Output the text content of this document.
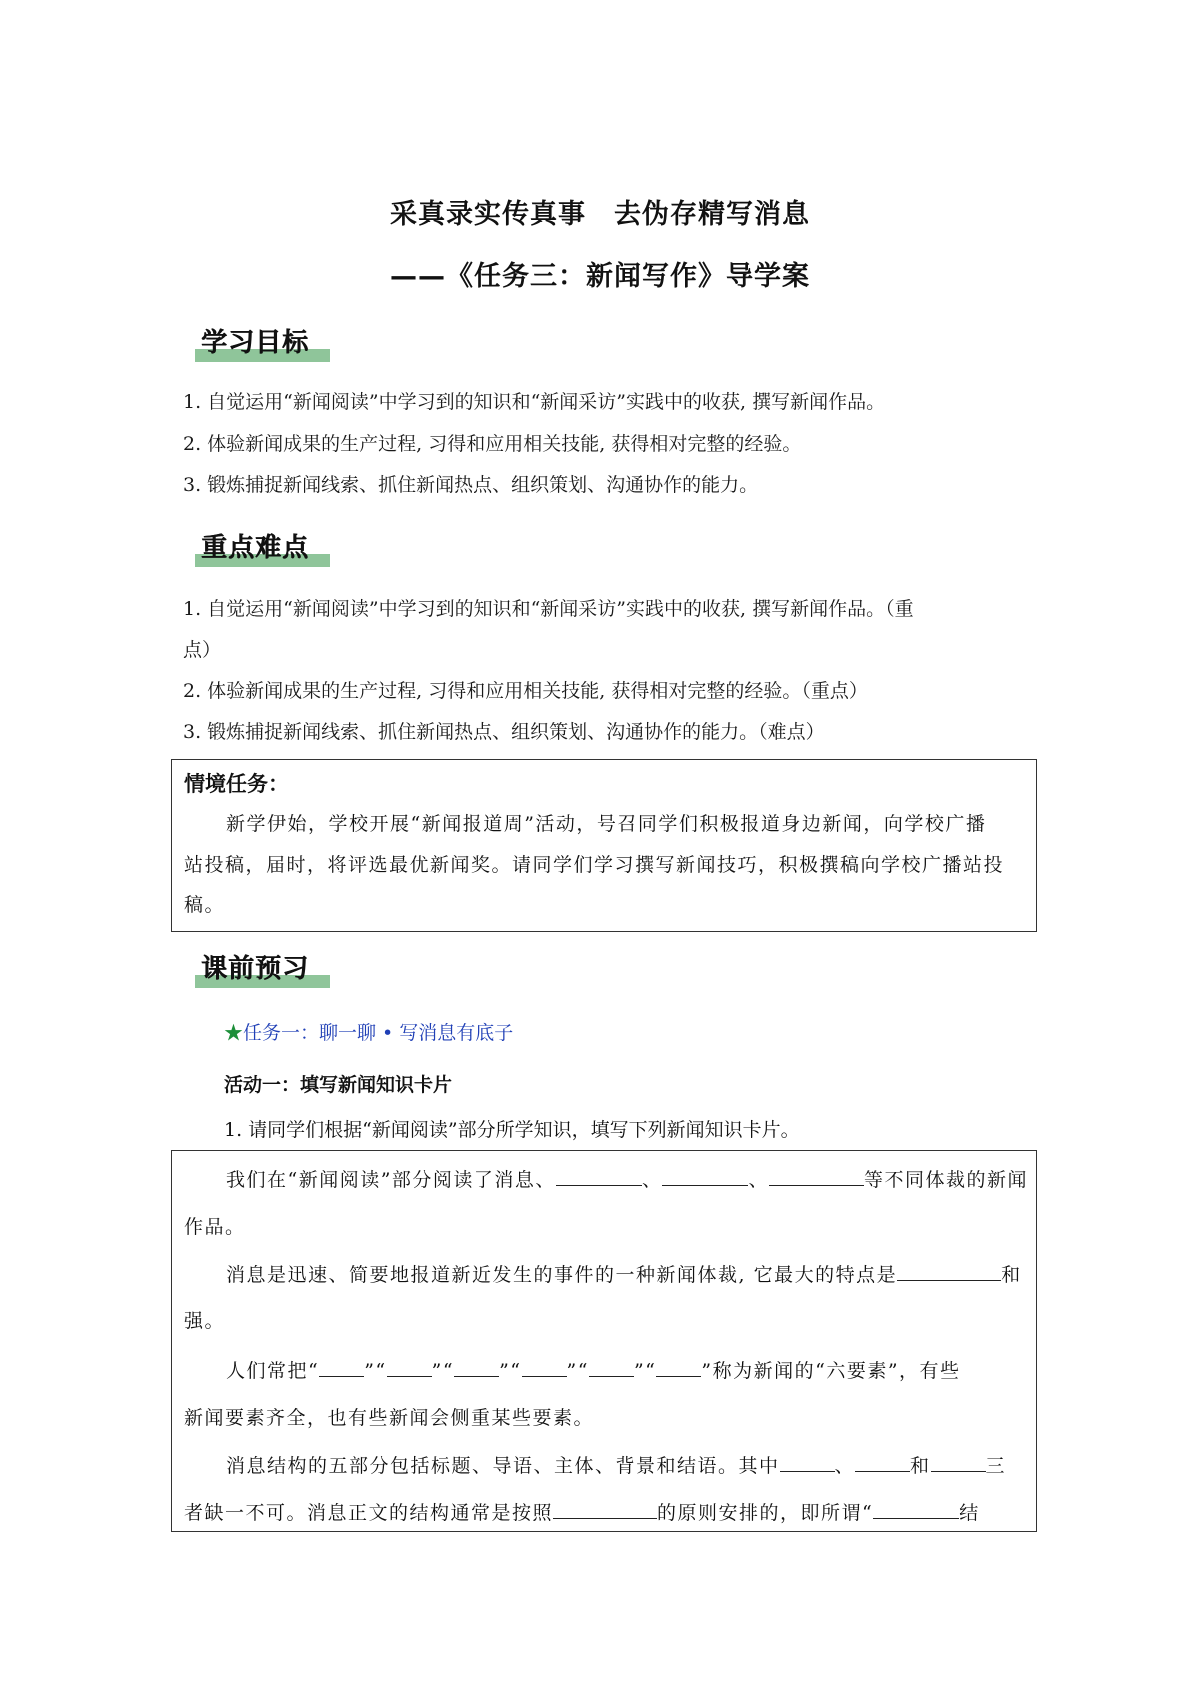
采真录实传真事　去伪存精写消息
——《任务三：新闻写作》导学案
学习目标
1. 自觉运用“新闻阅读”中学习到的知识和“新闻采访”实践中的收获, 撰写新闻作品。
2. 体验新闻成果的生产过程, 习得和应用相关技能, 获得相对完整的经验。
3. 锻炼捕捉新闻线索、抓住新闻热点、组织策划、沟通协作的能力。
重点难点
1. 自觉运用“新闻阅读”中学习到的知识和“新闻采访”实践中的收获, 撰写新闻作品。（重
点）
2. 体验新闻成果的生产过程, 习得和应用相关技能, 获得相对完整的经验。（重点）
3. 锻炼捕捉新闻线索、抓住新闻热点、组织策划、沟通协作的能力。（难点）
情境任务：
新学伊始，学校开展“新闻报道周”活动，号召同学们积极报道身边新闻，向学校广播
站投稿，届时，将评选最优新闻奖。请同学们学习撰写新闻技巧，积极撰稿向学校广播站投
稿。
课前预习
★任务一：聊一聊 • 写消息有底子
活动一：填写新闻知识卡片
1. 请同学们根据“新闻阅读”部分所学知识，填写下列新闻知识卡片。
我们在“新闻阅读”部分阅读了消息、	、	、	等不同体裁的新闻
作品。
消息是迅速、简要地报道新近发生的事件的一种新闻体裁, 它最大的特点是	和
强。
人们常把“ ”“ ”“ ”“ ”“ ”“ ”称为新闻的“六要素”，有些
新闻要素齐全，也有些新闻会侧重某些要素。
消息结构的五部分包括标题、导语、主体、背景和结语。其中	、	和	三
者缺一不可。消息正文的结构通常是按照	的原则安排的，即所谓“	结
